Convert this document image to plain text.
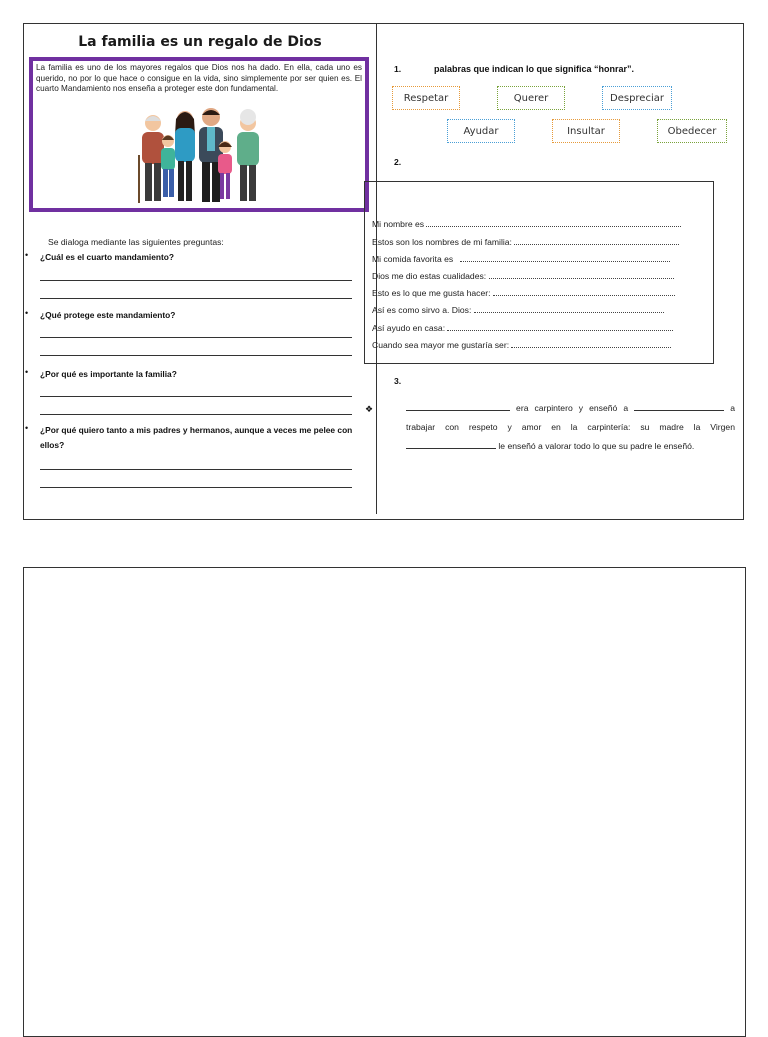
La familia es un regalo de Dios

La familia es uno de los mayores regalos que Dios nos ha dado. En ella, cada uno es querido, no por lo que hace o consigue en la vida, sino simplemente por ser quien es. El cuarto Mandamiento nos enseña a proteger este don fundamental.

Se dialoga mediante las siguientes preguntas:
• ¿Cuál es el cuarto mandamiento?
• ¿Qué protege este mandamiento?
• ¿Por qué es importante la familia?
• ¿Por qué quiero tanto a mis padres y hermanos, aunque a veces me pelee con ellos?
1.	palabras que indican lo que significa “honrar”.
Respetar	Querer	Despreciar
Ayudar	Insultar	Obedecer
2.
Mi nombre es
Estos son los nombres de mi familia:
Mi comida favorita es
Dios me dio estas cualidades:
Esto es lo que me gusta hacer:
Así es como sirvo a. Dios:
Así ayudo en casa:
Cuando sea mayor me gustaría ser:
3.
❖	era carpintero y enseñó a	a trabajar con respeto y amor en la carpintería: su madre la Virgen  le enseñó a valorar todo lo que su padre le enseñó.
